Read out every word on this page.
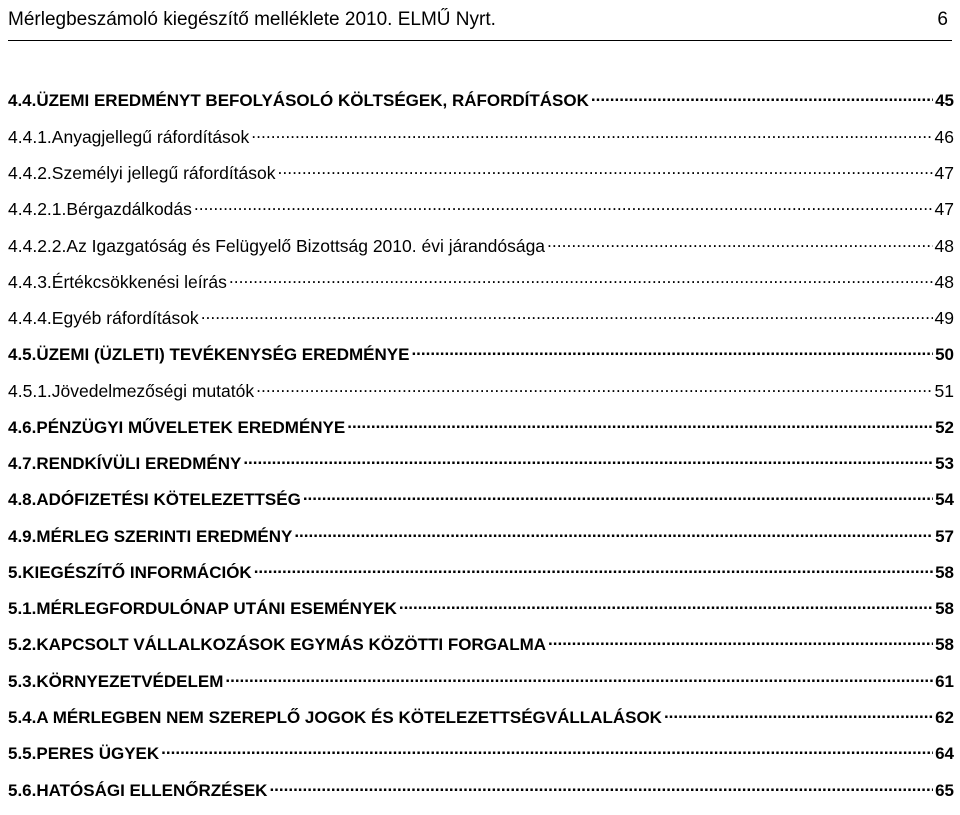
Mérlegbeszámoló kiegészítő melléklete 2010. ELMŰ Nyrt.	6
4.4. ÜZEMI EREDMÉNYT BEFOLYÁSOLÓ KÖLTSÉGEK, RÁFORDÍTÁSOK .....	45
4.4.1. Anyagjellegű ráfordítások .....	46
4.4.2. Személyi jellegű ráfordítások .....	47
4.4.2.1. Bérgazdálkodás .....	47
4.4.2.2. Az Igazgatóság és Felügyelő Bizottság 2010. évi járandósága .....	48
4.4.3. Értékcsökkenési leírás .....	48
4.4.4. Egyéb ráfordítások .....	49
4.5. ÜZEMI (ÜZLETI) TEVÉKENYSÉG EREDMÉNYE .....	50
4.5.1. Jövedelmezőségi mutatók .....	51
4.6. PÉNZÜGYI MŰVELETEK EREDMÉNYE .....	52
4.7. RENDKÍVÜLI EREDMÉNY .....	53
4.8. ADÓFIZETÉSI KÖTELEZETTSÉG .....	54
4.9. MÉRLEG SZERINTI EREDMÉNY .....	57
5. KIEGÉSZÍTŐ INFORMÁCIÓK .....	58
5.1. MÉRLEGFORDULÓNAP UTÁNI ESEMÉNYEK .....	58
5.2. KAPCSOLT VÁLLALKOZÁSOK EGYMÁS KÖZÖTTI FORGALMA .....	58
5.3. KÖRNYEZETVÉDELEM .....	61
5.4. A MÉRLEGBEN NEM SZEREPLŐ JOGOK ÉS KÖTELEZETTSÉGVÁLLALÁSOK .....	62
5.5. PERES ÜGYEK .....	64
5.6. HATÓSÁGI ELLENŐRZÉSEK .....	65
